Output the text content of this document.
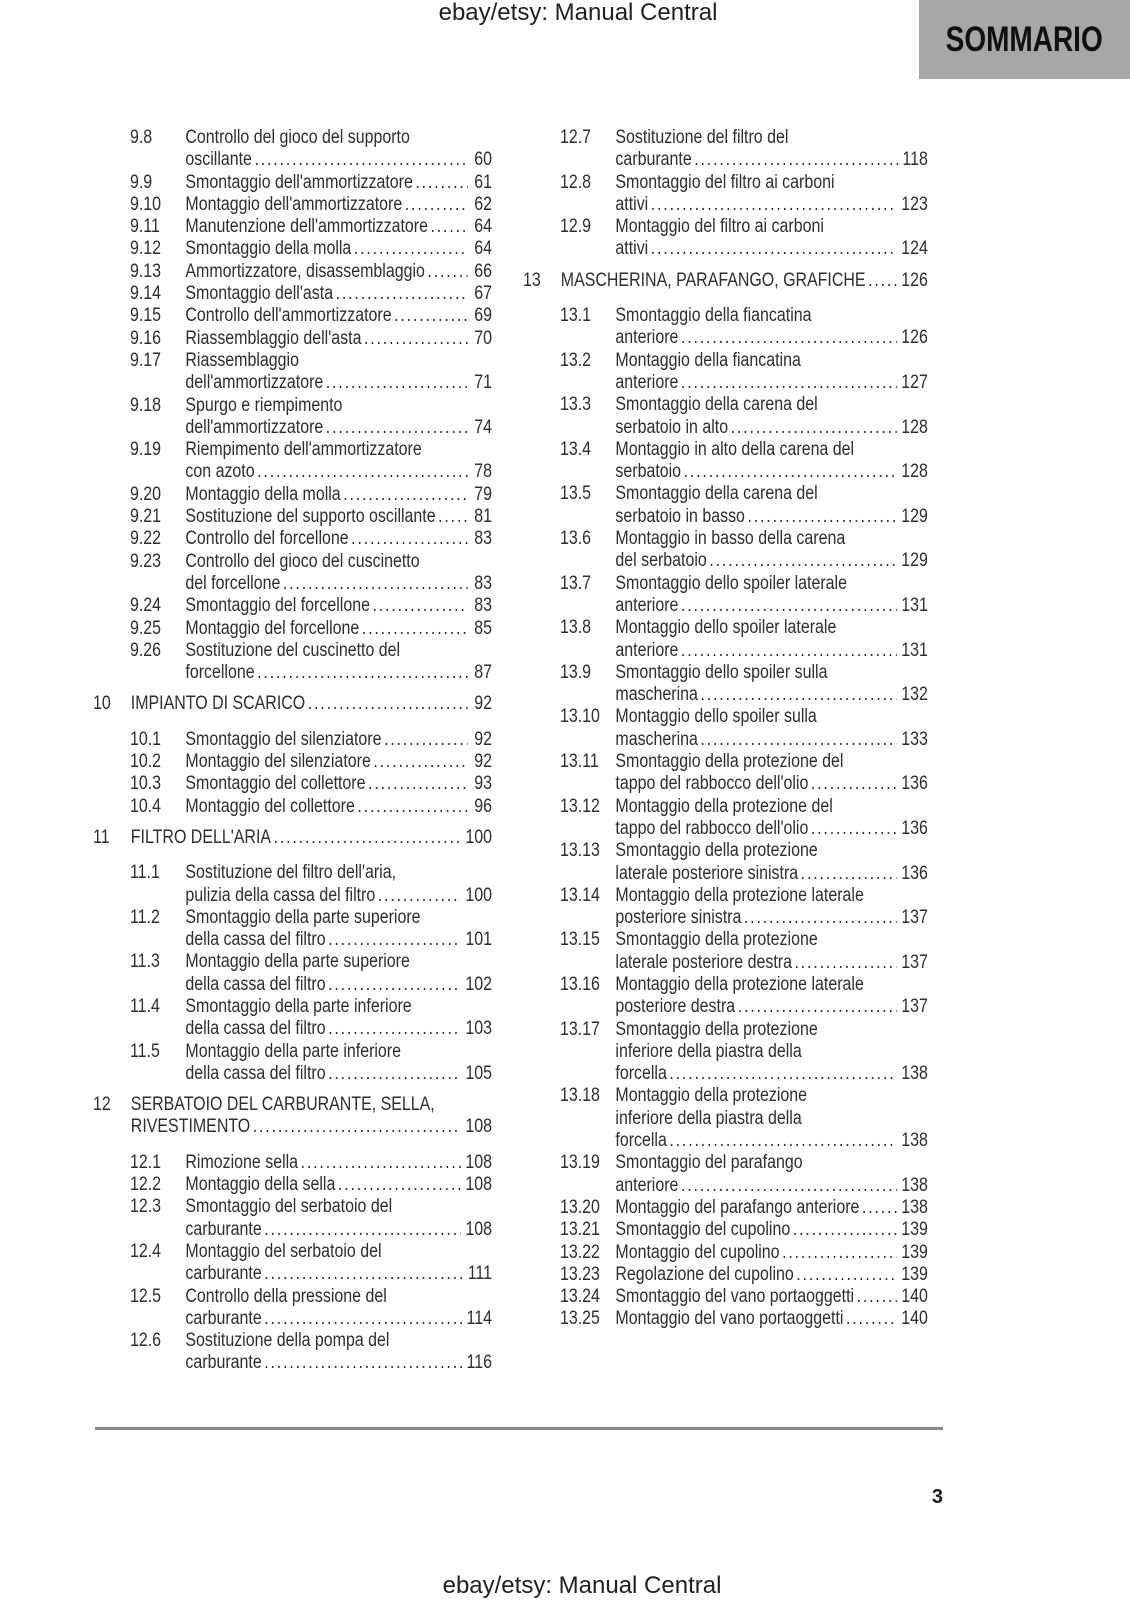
ebay/etsy: Manual Central
SOMMARIO
9.8	Controllo del gioco del supporto
oscillante .....	60
9.9	Smontaggio dell'ammortizzatore .....	61
9.10	Montaggio dell'ammortizzatore .....	62
9.11	Manutenzione dell'ammortizzatore ..... 64
9.12	Smontaggio della molla .....	64
9.13	Ammortizzatore, disassemblaggio .....	66
9.14	Smontaggio dell'asta .....	67
9.15	Controllo dell'ammortizzatore .....	69
9.16	Riassemblaggio dell'asta .....	70
9.17	Riassemblaggio
dell'ammortizzatore .....	71
9.18	Spurgo e riempimento
dell'ammortizzatore .....	74
9.19	Riempimento dell'ammortizzatore
con azoto .....	78
9.20	Montaggio della molla .....	79
9.21	Sostituzione del supporto oscillante ..... 81
9.22	Controllo del forcellone .....	83
9.23	Controllo del gioco del cuscinetto
del forcellone .....	83
9.24	Smontaggio del forcellone .....	83
9.25	Montaggio del forcellone .....	85
9.26	Sostituzione del cuscinetto del
forcellone .....	87
10	IMPIANTO DI SCARICO .....	92
10.1	Smontaggio del silenziatore .....	92
10.2	Montaggio del silenziatore .....	92
10.3	Smontaggio del collettore .....	93
10.4	Montaggio del collettore .....	96
11	FILTRO DELL'ARIA .....	100
11.1	Sostituzione del filtro dell'aria,
pulizia della cassa del filtro .....	100
11.2	Smontaggio della parte superiore
della cassa del filtro .....	101
11.3	Montaggio della parte superiore
della cassa del filtro .....	102
11.4	Smontaggio della parte inferiore
della cassa del filtro .....	103
11.5	Montaggio della parte inferiore
della cassa del filtro .....	105
12	SERBATOIO DEL CARBURANTE, SELLA,
RIVESTIMENTO .....	108
12.1	Rimozione sella .....	108
12.2	Montaggio della sella .....	108
12.3	Smontaggio del serbatoio del
carburante .....	108
12.4	Montaggio del serbatoio del
carburante .....	111
12.5	Controllo della pressione del
carburante .....	114
12.6	Sostituzione della pompa del
carburante .....	116
12.7	Sostituzione del filtro del
carburante .....	118
12.8	Smontaggio del filtro ai carboni
attivi .....	123
12.9	Montaggio del filtro ai carboni
attivi .....	124
13	MASCHERINA, PARAFANGO, GRAFICHE ..... 126
13.1	Smontaggio della fiancatina
anteriore .....	126
13.2	Montaggio della fiancatina
anteriore .....	127
13.3	Smontaggio della carena del
serbatoio in alto .....	128
13.4	Montaggio in alto della carena del
serbatoio .....	128
13.5	Smontaggio della carena del
serbatoio in basso .....	129
13.6	Montaggio in basso della carena
del serbatoio .....	129
13.7	Smontaggio dello spoiler laterale
anteriore .....	131
13.8	Montaggio dello spoiler laterale
anteriore .....	131
13.9	Smontaggio dello spoiler sulla
mascherina .....	132
13.10 Montaggio dello spoiler sulla
mascherina .....	133
13.11 Smontaggio della protezione del
tappo del rabbocco dell'olio .....	136
13.12 Montaggio della protezione del
tappo del rabbocco dell'olio .....	136
13.13 Smontaggio della protezione
laterale posteriore sinistra .....	136
13.14 Montaggio della protezione laterale
posteriore sinistra .....	137
13.15 Smontaggio della protezione
laterale posteriore destra .....	137
13.16 Montaggio della protezione laterale
posteriore destra .....	137
13.17 Smontaggio della protezione
inferiore della piastra della
forcella .....	138
13.18 Montaggio della protezione
inferiore della piastra della
forcella .....	138
13.19 Smontaggio del parafango
anteriore .....	138
13.20 Montaggio del parafango anteriore ..... 138
13.21 Smontaggio del cupolino .....	139
13.22 Montaggio del cupolino .....	139
13.23 Regolazione del cupolino .....	139
13.24 Smontaggio del vano portaoggetti ..... 140
13.25 Montaggio del vano portaoggetti .....	140
3
ebay/etsy: Manual Central
